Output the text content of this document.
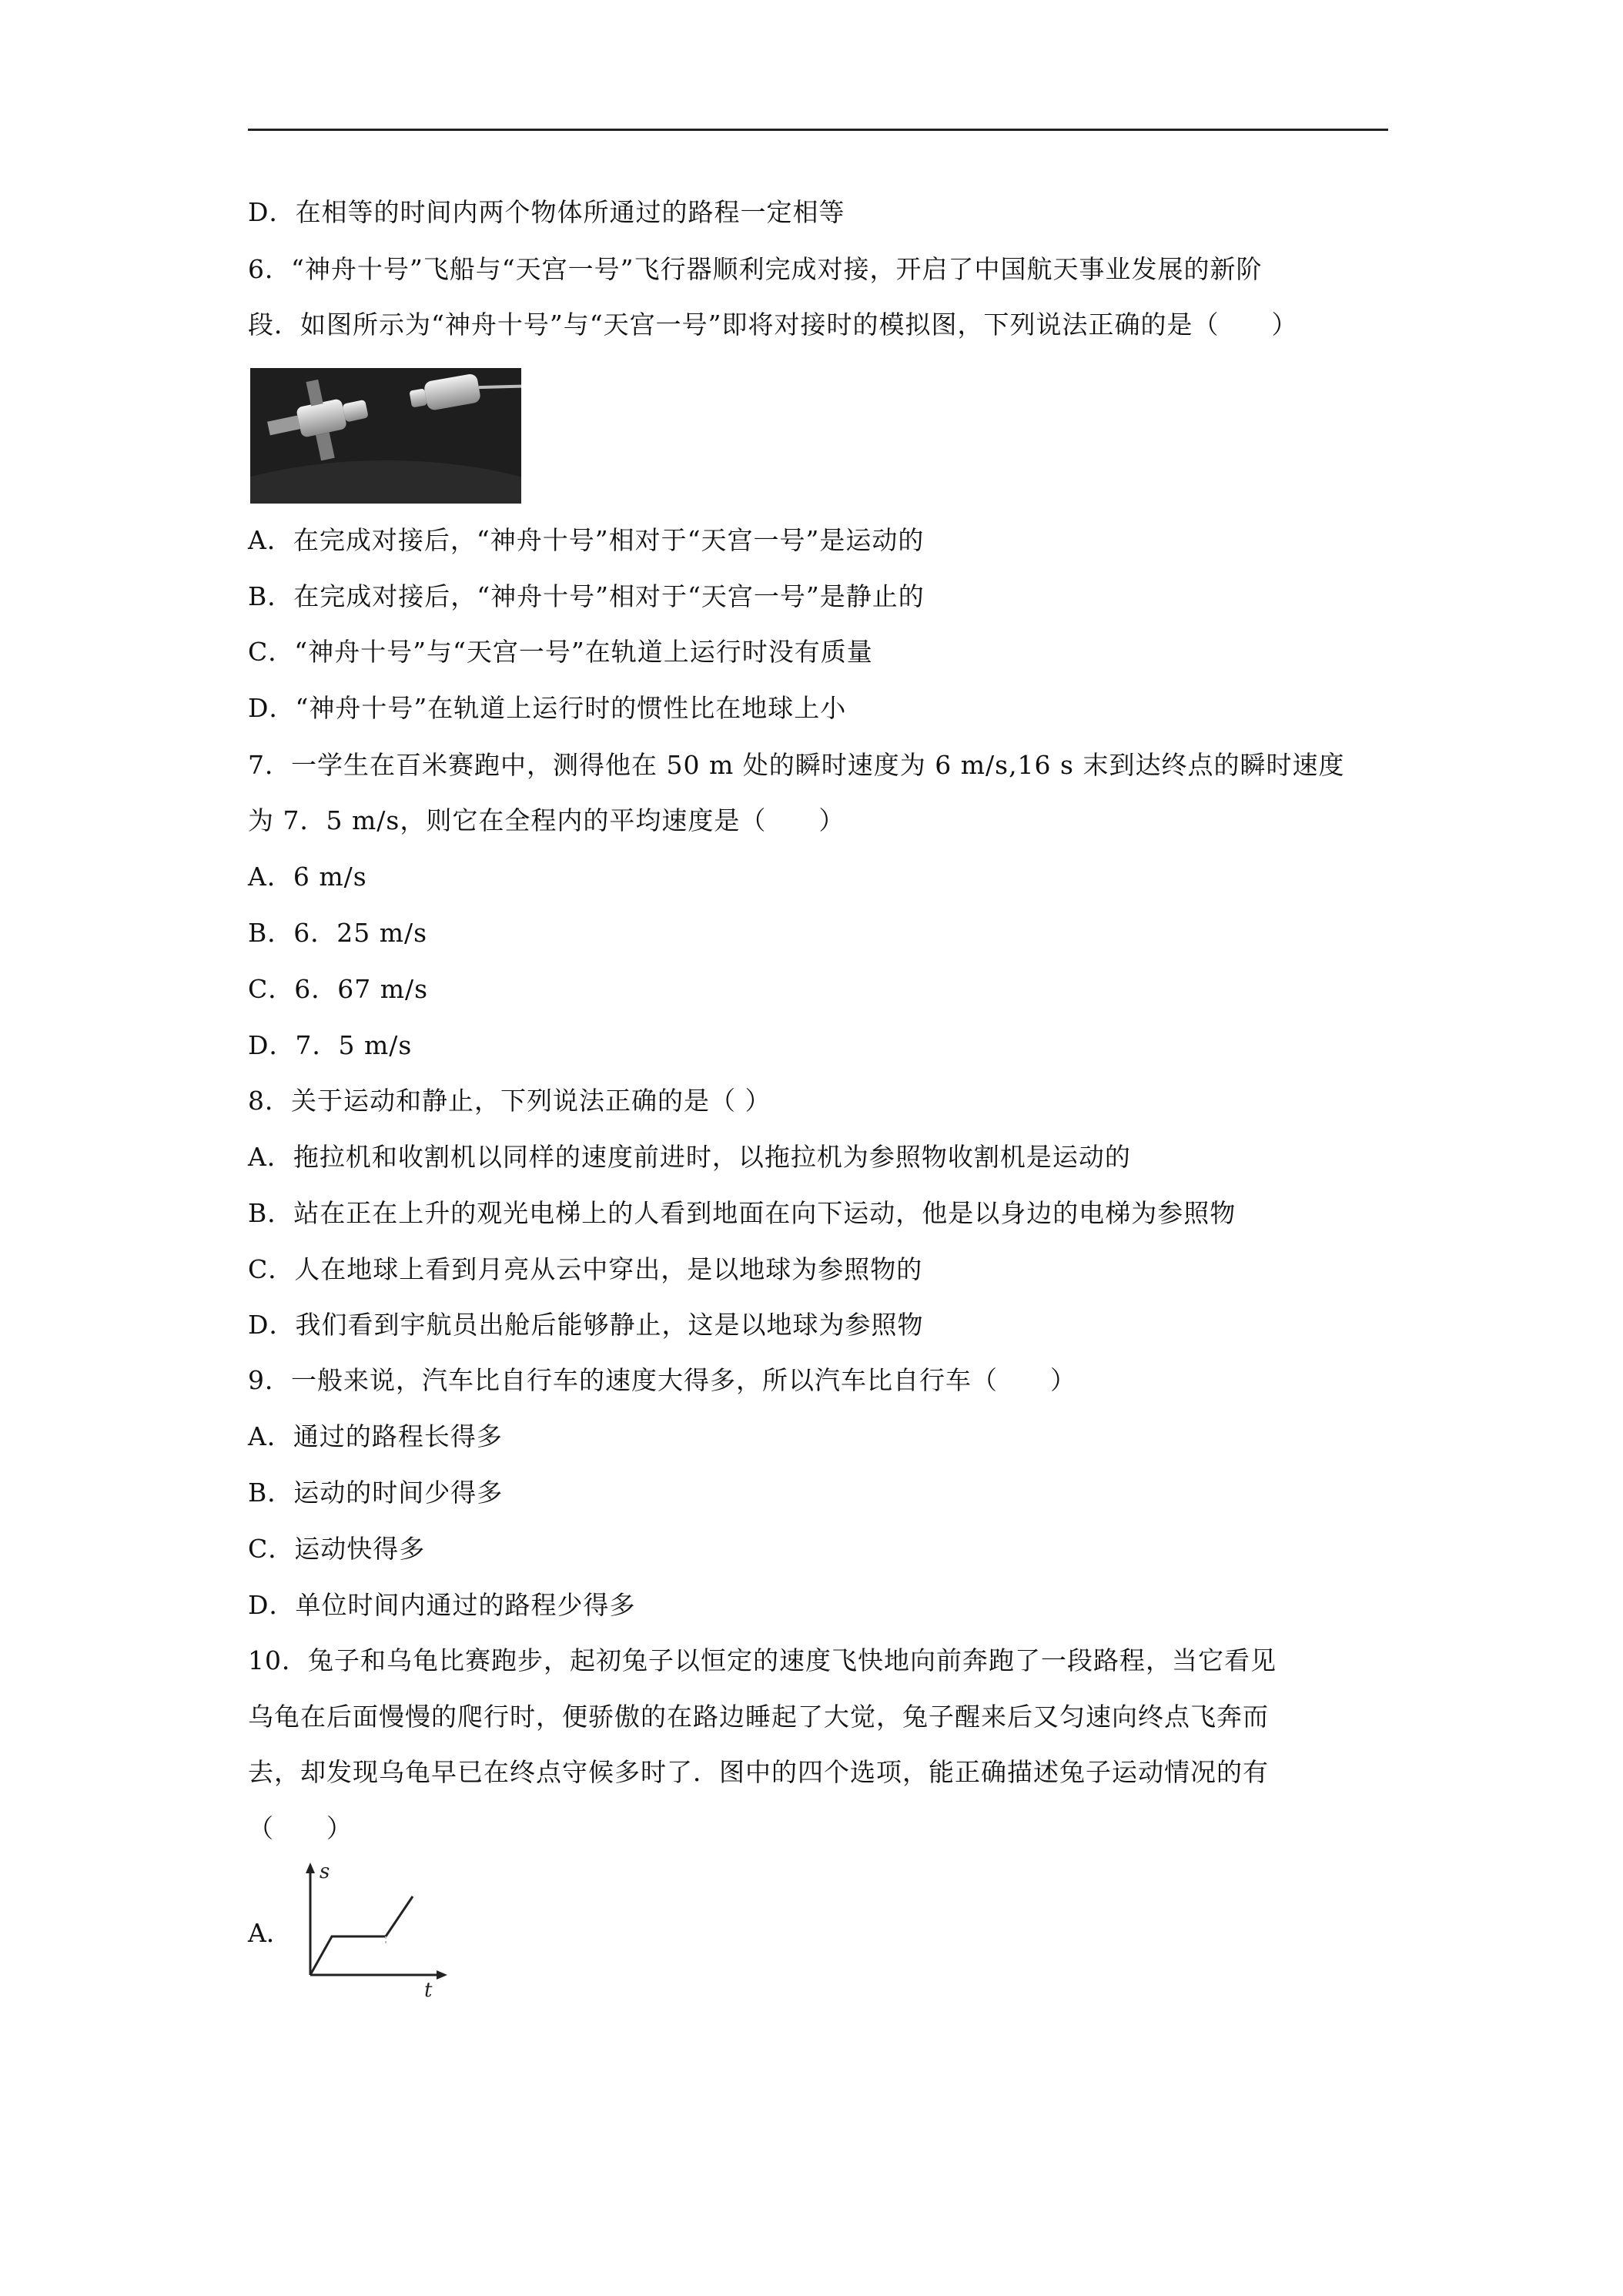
D．在相等的时间内两个物体所通过的路程一定相等
6．“神舟十号”飞船与“天宫一号”飞行器顺利完成对接，开启了中国航天事业发展的新阶
段．如图所示为“神舟十号”与“天宫一号”即将对接时的模拟图，下列说法正确的是（　　）
A．在完成对接后，“神舟十号”相对于“天宫一号”是运动的
B．在完成对接后，“神舟十号”相对于“天宫一号”是静止的
C．“神舟十号”与“天宫一号”在轨道上运行时没有质量
D．“神舟十号”在轨道上运行时的惯性比在地球上小
7．一学生在百米赛跑中，测得他在 50 m 处的瞬时速度为 6 m/s,16 s 末到达终点的瞬时速度
为 7．5 m/s，则它在全程内的平均速度是（　　）
A．6 m/s
B．6．25 m/s
C．6．67 m/s
D．7．5 m/s
8．关于运动和静止，下列说法正确的是（ ）
A．拖拉机和收割机以同样的速度前进时，以拖拉机为参照物收割机是运动的
B．站在正在上升的观光电梯上的人看到地面在向下运动，他是以身边的电梯为参照物
C．人在地球上看到月亮从云中穿出，是以地球为参照物的
D．我们看到宇航员出舱后能够静止，这是以地球为参照物
9．一般来说，汽车比自行车的速度大得多，所以汽车比自行车（　　）
A．通过的路程长得多
B．运动的时间少得多
C．运动快得多
D．单位时间内通过的路程少得多
10．兔子和乌龟比赛跑步，起初兔子以恒定的速度飞快地向前奔跑了一段路程，当它看见
乌龟在后面慢慢的爬行时，便骄傲的在路边睡起了大觉，兔子醒来后又匀速向终点飞奔而
去，却发现乌龟早已在终点守候多时了．图中的四个选项，能正确描述兔子运动情况的有
（　　）
A．
s
t
